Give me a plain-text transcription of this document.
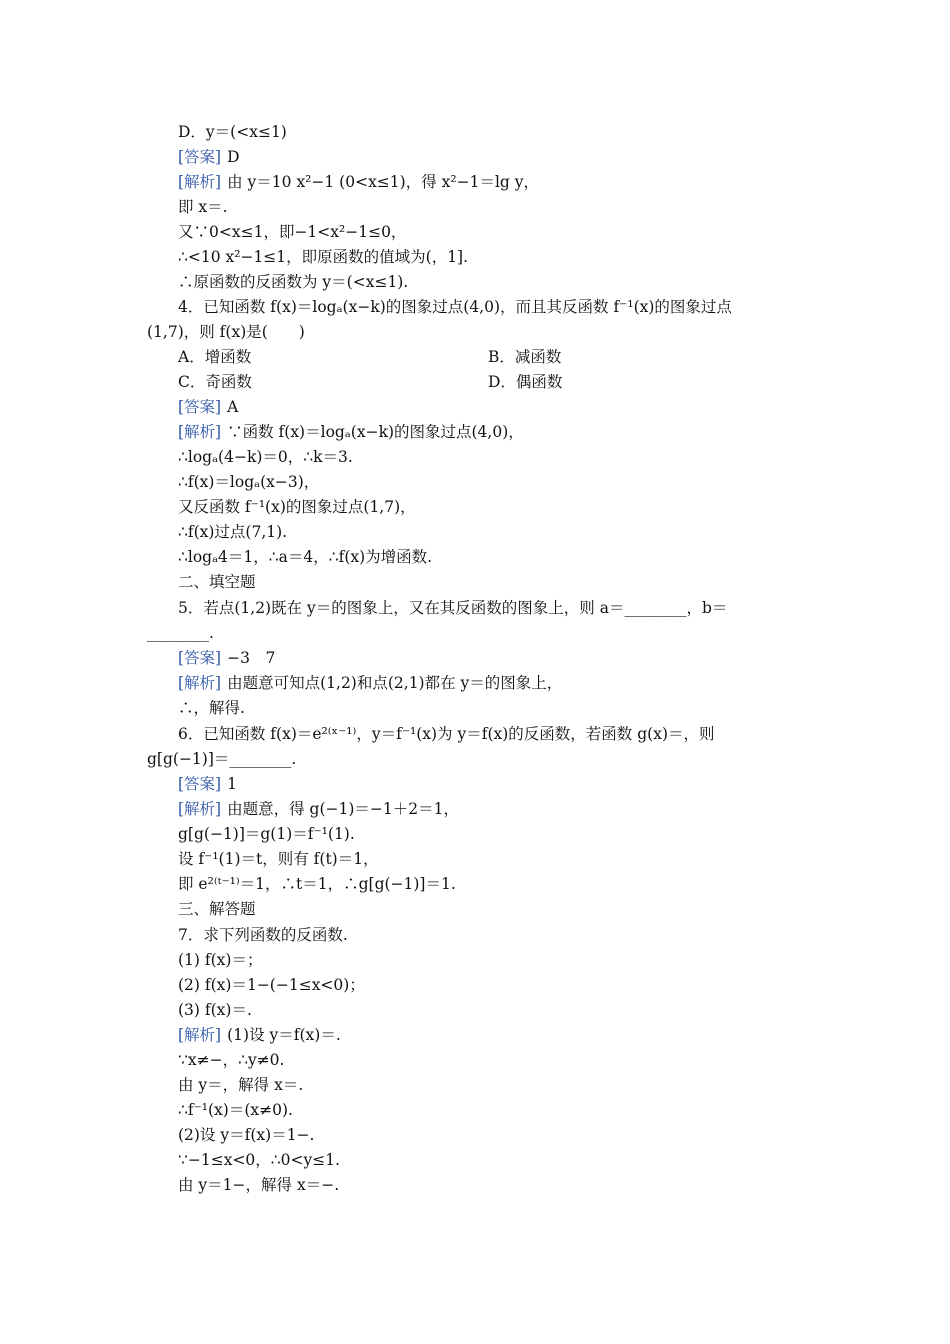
A．增函数	B．减函数
C．奇函数	D．偶函数
D．y＝(<x≤1)
[答案] D
[解析] 由 y＝10 x²−1 (0<x≤1)，得 x²−1＝lg y，
即 x＝.
又∵0<x≤1，即−1<x²−1≤0，
∴<10 x²−1≤1，即原函数的值域为(，1].
∴原函数的反函数为 y＝(<x≤1).
4．已知函数 f(x)＝logₐ(x−k)的图象过点(4,0)，而且其反函数 f⁻¹(x)的图象过点
(1,7)，则 f(x)是(　　)
[答案] A
[解析] ∵函数 f(x)＝logₐ(x−k)的图象过点(4,0)，
∴logₐ(4−k)＝0，∴k＝3.
∴f(x)＝logₐ(x−3)，
又反函数 f⁻¹(x)的图象过点(1,7)，
∴f(x)过点(7,1).
∴logₐ4＝1，∴a＝4，∴f(x)为增函数.
二、填空题
5．若点(1,2)既在 y＝的图象上，又在其反函数的图象上，则 a＝________，b＝
________.
[答案] −3　7
[解析] 由题意可知点(1,2)和点(2,1)都在 y＝的图象上，
∴，解得.
6．已知函数 f(x)＝e²⁽ˣ⁻¹⁾，y＝f⁻¹(x)为 y＝f(x)的反函数，若函数 g(x)＝，则
g[g(−1)]＝________.
[答案] 1
[解析] 由题意，得 g(−1)＝−1＋2＝1，
g[g(−1)]＝g(1)＝f⁻¹(1).
设 f⁻¹(1)＝t，则有 f(t)＝1，
即 e²⁽ᵗ⁻¹⁾＝1，∴t＝1，∴g[g(−1)]＝1.
三、解答题
7．求下列函数的反函数.
(1) f(x)＝；
(2) f(x)＝1−(−1≤x<0)；
(3) f(x)＝.
[解析] (1)设 y＝f(x)＝.
∵x≠−，∴y≠0.
由 y＝，解得 x＝.
∴f⁻¹(x)＝(x≠0).
(2)设 y＝f(x)＝1−.
∵−1≤x<0，∴0<y≤1.
由 y＝1−，解得 x＝−.
